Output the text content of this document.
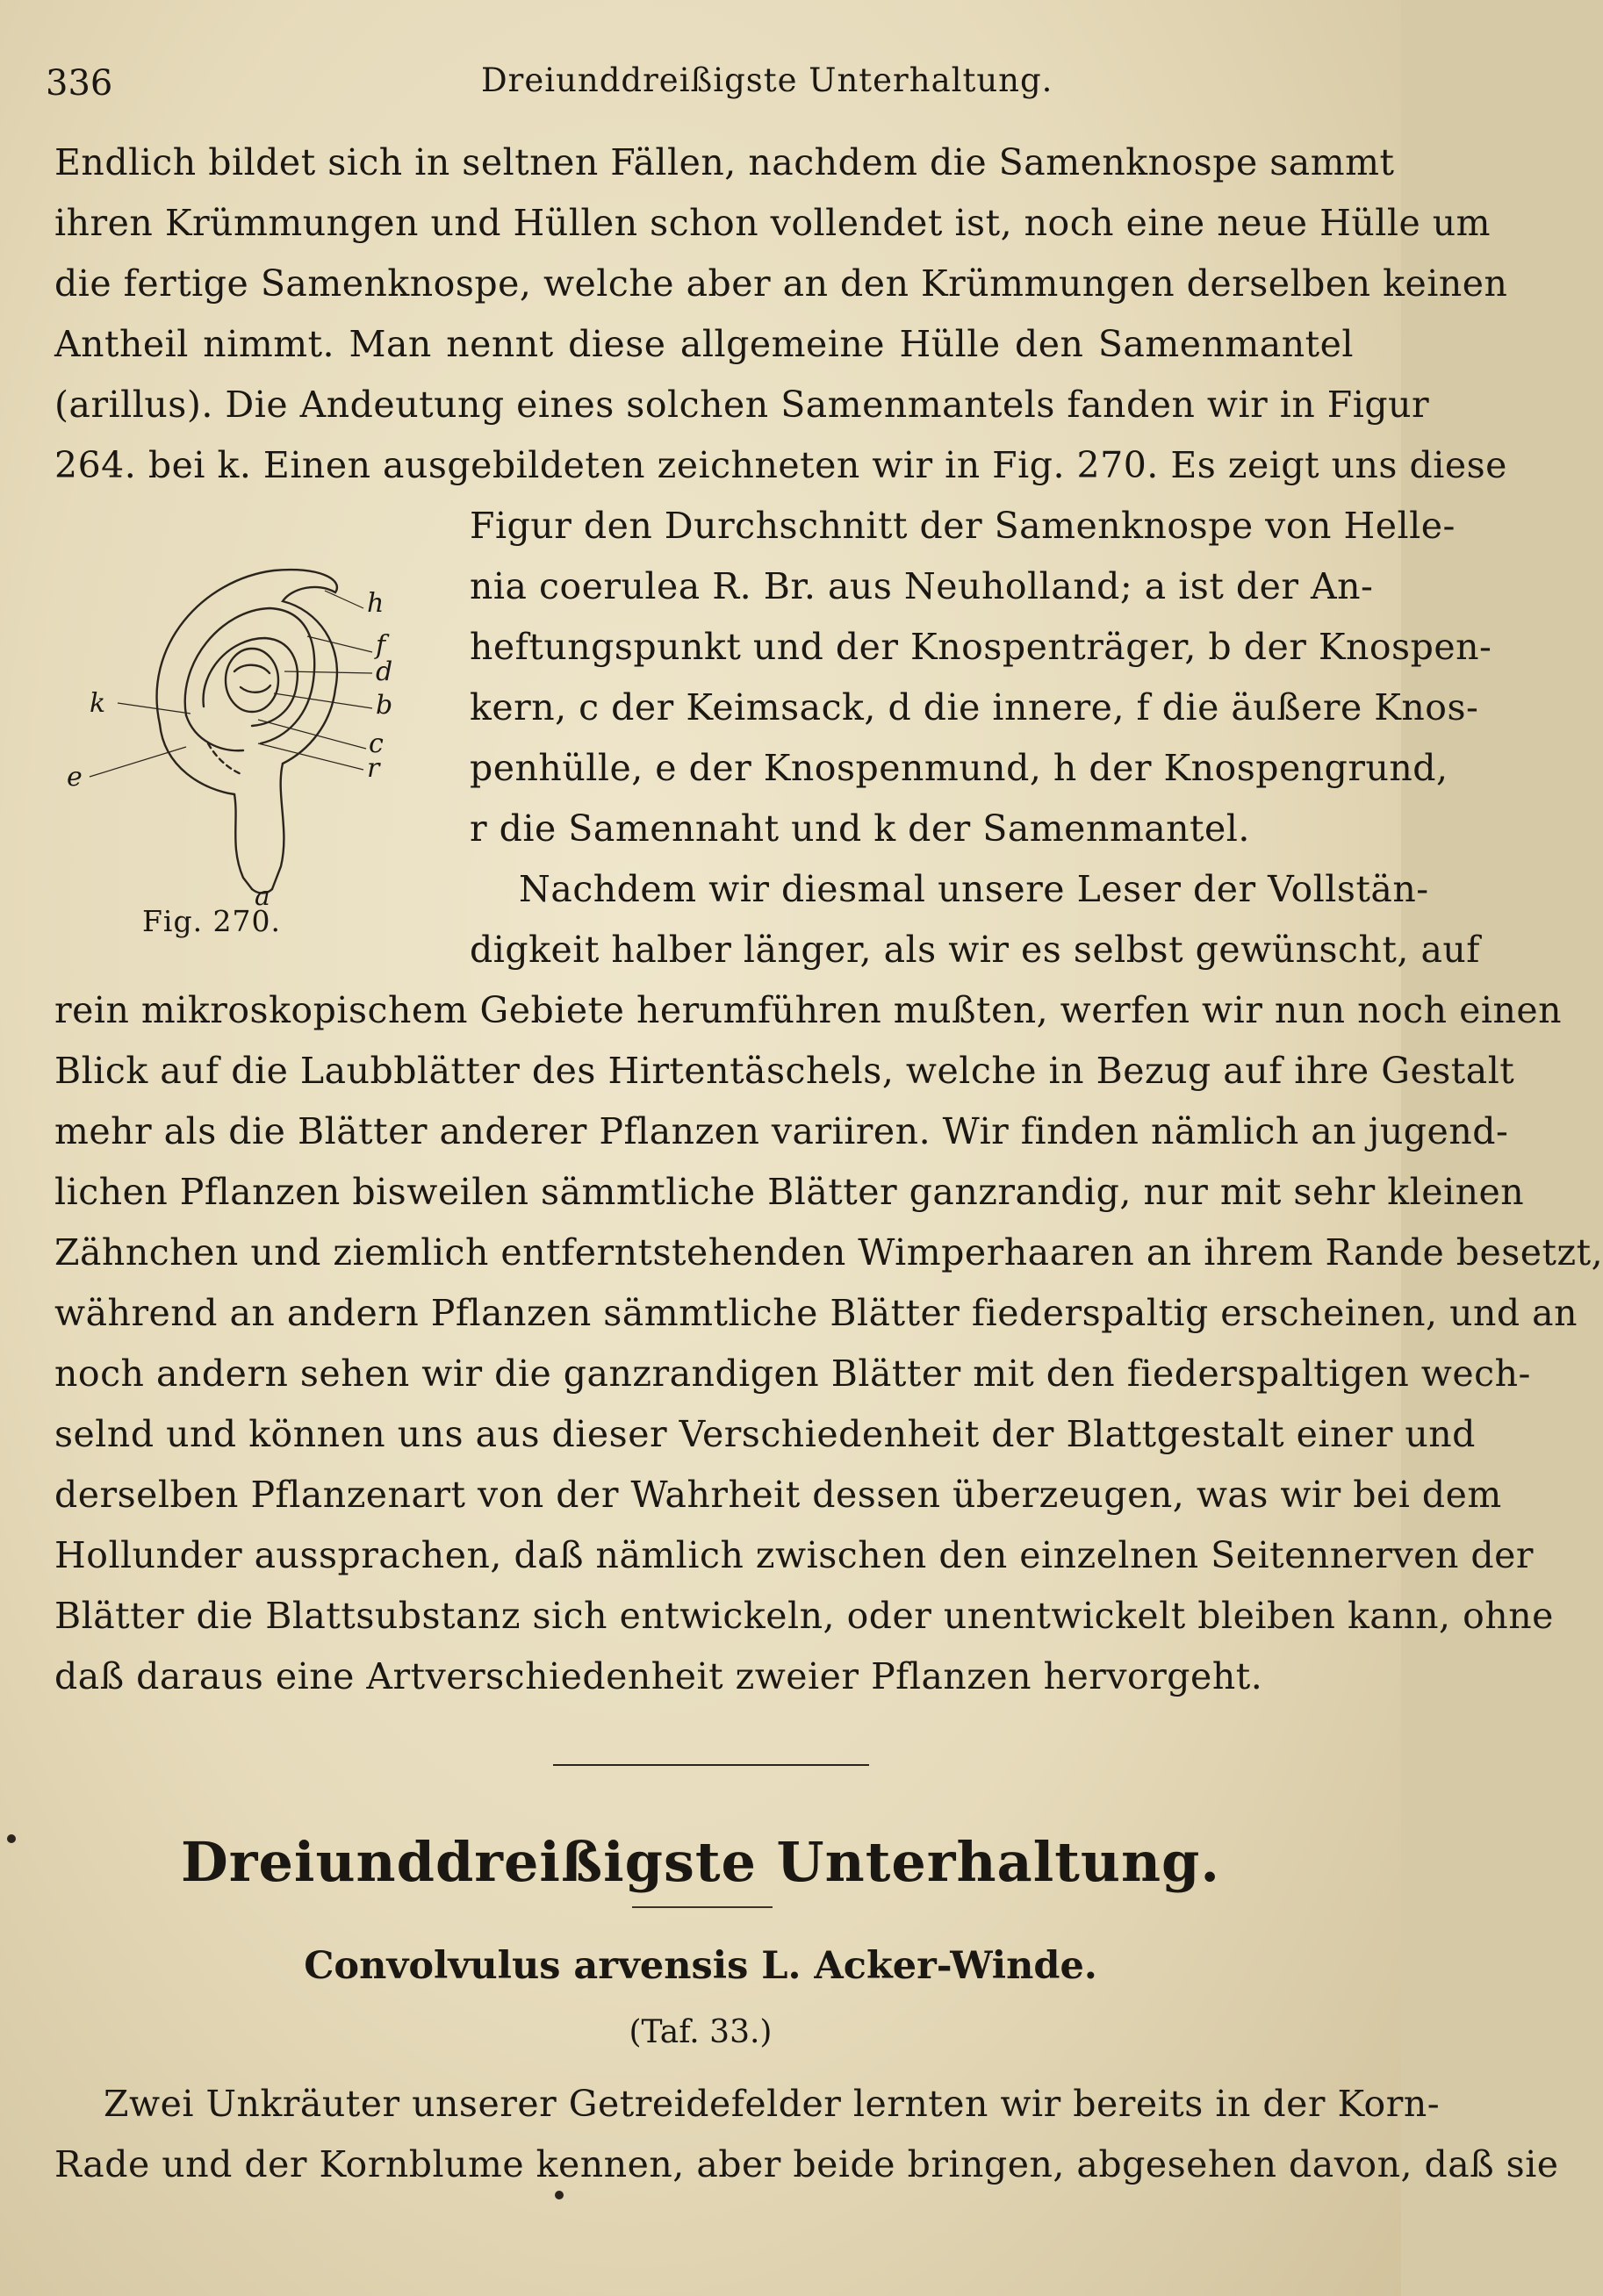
336	Dreiunddreißigste Unterhaltung.
Endlich bildet sich in seltnen Fällen, nachdem die Samenknospe sammt
ihren Krümmungen und Hüllen schon vollendet ist, noch eine neue Hülle um
die fertige Samenknospe, welche aber an den Krümmungen derselben keinen
Antheil nimmt. Man nennt diese allgemeine Hülle den Samenmantel
(arillus). Die Andeutung eines solchen Samenmantels fanden wir in Figur
264. bei k. Einen ausgebildeten zeichneten wir in Fig. 270. Es zeigt uns diese
Figur den Durchschnitt der Samenknospe von Helle-
nia coerulea R. Br. aus Neuholland; a ist der An-
heftungspunkt und der Knospenträger, b der Knospen-
kern, c der Keimsack, d die innere, f die äußere Knos-
penhülle, e der Knospenmund, h der Knospengrund,
r die Samennaht und k der Samenmantel.
Nachdem wir diesmal unsere Leser der Vollstän-
digkeit halber länger, als wir es selbst gewünscht, auf
rein mikroskopischem Gebiete herumführen mußten, werfen wir nun noch einen
Blick auf die Laubblätter des Hirtentäschels, welche in Bezug auf ihre Gestalt
mehr als die Blätter anderer Pflanzen variiren. Wir finden nämlich an jugend-
lichen Pflanzen bisweilen sämmtliche Blätter ganzrandig, nur mit sehr kleinen
Zähnchen und ziemlich entferntstehenden Wimperhaaren an ihrem Rande besetzt,
während an andern Pflanzen sämmtliche Blätter fiederspaltig erscheinen, und an
noch andern sehen wir die ganzrandigen Blätter mit den fiederspaltigen wech-
selnd und können uns aus dieser Verschiedenheit der Blattgestalt einer und
derselben Pflanzenart von der Wahrheit dessen überzeugen, was wir bei dem
Hollunder aussprachen, daß nämlich zwischen den einzelnen Seitennerven der
Blätter die Blattsubstanz sich entwickeln, oder unentwickelt bleiben kann, ohne
daß daraus eine Artverschiedenheit zweier Pflanzen hervorgeht.
h
f
d
b
c
r
k
e
a
Fig. 270.
Dreiunddreißigste Unterhaltung.
Convolvulus arvensis L. Acker-Winde.
(Taf. 33.)
Zwei Unkräuter unserer Getreidefelder lernten wir bereits in der Korn-
Rade und der Kornblume kennen, aber beide bringen, abgesehen davon, daß sie
